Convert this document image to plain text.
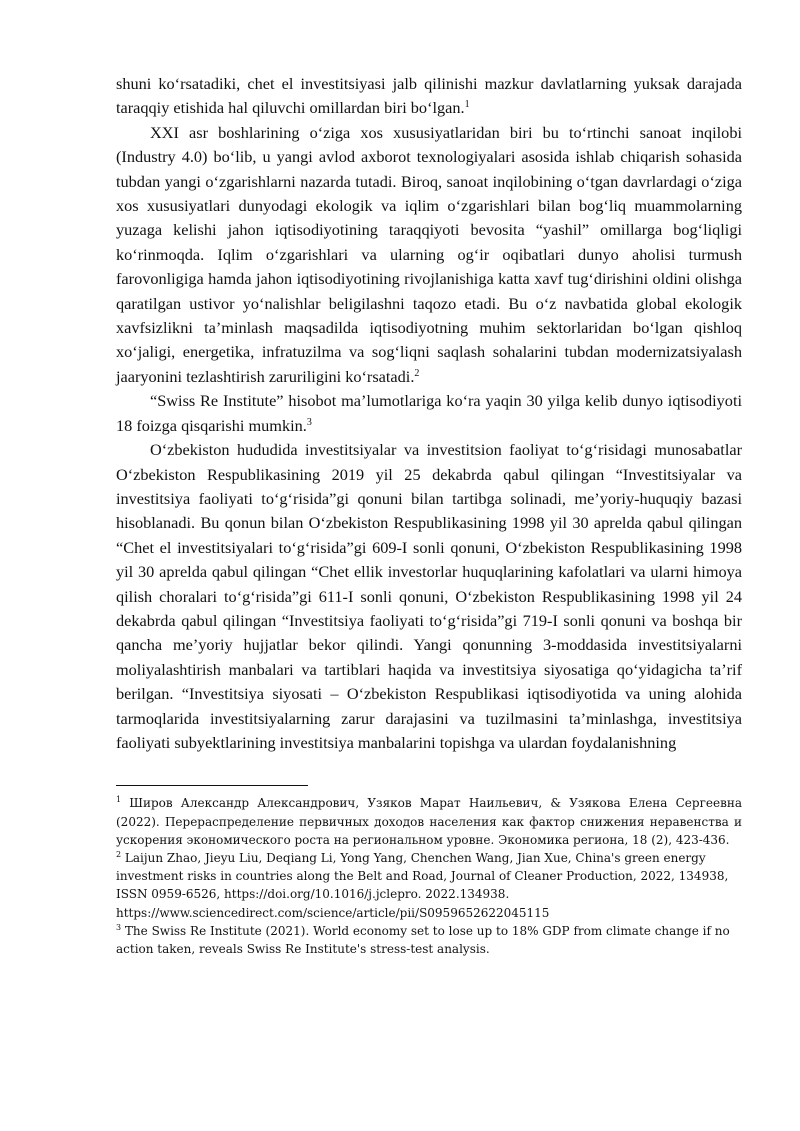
shuni koʻrsatadiki, chet el investitsiyasi jalb qilinishi mazkur davlatlarning yuksak darajada taraqqiy etishida hal qiluvchi omillardan biri boʻlgan.$^1$

XXI asr boshlarining oʻziga xos xususiyatlaridan biri bu toʻrtinchi sanoat inqilobi (Industry 4.0) boʻlib, u yangi avlod axborot texnologiyalari asosida ishlab chiqarish sohasida tubdan yangi oʻzgarishlarni nazarda tutadi. Biroq, sanoat inqilobining oʻtgan davrlardagi oʻziga xos xususiyatlari dunyodagi ekologik va iqlim oʻzgarishlari bilan bogʻliq muammolarning yuzaga kelishi jahon iqtisodiyotining taraqqiyoti bevosita “yashil” omillarga bogʻliqligi koʻrinmoqda. Iqlim oʻzgarishlari va ularning ogʻir oqibatlari dunyo aholisi turmush farovonligiga hamda jahon iqtisodiyotining rivojlanishiga katta xavf tugʻdirishini oldini olishga qaratilgan ustivor yoʻnalishlar beligilashni taqozo etadi. Bu oʻz navbatida global ekologik xavfsizlikni taʼminlash maqsadilda iqtisodiyotning muhim sektorlaridan boʻlgan qishloq xoʻjaligi, energetika, infratuzilma va sogʻliqni saqlash sohalarini tubdan modernizatsiyalash jaaryonini tezlashtirish zaruriligini koʻrsatadi.$^2$

“Swiss Re Institute” hisobot maʼlumotlariga koʻra yaqin 30 yilga kelib dunyo iqtisodiyoti 18 foizga qisqarishi mumkin.$^3$

Oʻzbekiston hududida investitsiyalar va investitsion faoliyat toʻgʻrisidagi munosabatlar Oʻzbekiston Respublikasining 2019 yil 25 dekabrda qabul qilingan “Investitsiyalar va investitsiya faoliyati toʻgʻrisida”gi qonuni bilan tartibga solinadi, meʼyoriy-huquqiy bazasi hisoblanadi. Bu qonun bilan Oʻzbekiston Respublikasining 1998 yil 30 aprelda qabul qilingan “Chet el investitsiyalari toʻgʻrisida”gi 609-I sonli qonuni, Oʻzbekiston Respublikasining 1998 yil 30 aprelda qabul qilingan “Chet ellik investorlar huquqlarining kafolatlari va ularni himoya qilish choralari toʻgʻrisida”gi 611-I sonli qonuni, Oʻzbekiston Respublikasining 1998 yil 24 dekabrda qabul qilingan “Investitsiya faoliyati toʻgʻrisida”gi 719-I sonli qonuni va boshqa bir qancha meʼyoriy hujjatlar bekor qilindi. Yangi qonunning 3-moddasida investitsiyalarni moliyalashtirish manbalari va tartiblari haqida va investitsiya siyosatiga qoʻyidagicha taʼrif berilgan. “Investitsiya siyosati – Oʻzbekiston Respublikasi iqtisodiyotida va uning alohida tarmoqlarida investitsiyalarning zarur darajasini va tuzilmasini taʼminlashga, investitsiya faoliyati subyektlarining investitsiya manbalarini topishga va ulardan foydalanishning

$^1$ Широв Александр Александрович, Узяков Марат Наильевич, & Узякова Елена Сергеевна (2022). Перераспределение первичных доходов населения как фактор снижения неравенства и ускорения экономического роста на региональном уровне. Экономика региона, 18 (2), 423-436.

$^2$ Laijun Zhao, Jieyu Liu, Deqiang Li, Yong Yang, Chenchen Wang, Jian Xue, China's green energy investment risks in countries along the Belt and Road, Journal of Cleaner Production, 2022, 134938, ISSN 0959-6526, https://doi.org/10.1016/j.jclepro. 2022.134938. https://www.sciencedirect.com/science/article/pii/S0959652622045115

$^3$ The Swiss Re Institute (2021). World economy set to lose up to 18% GDP from climate change if no action taken, reveals Swiss Re Institute's stress-test analysis.
